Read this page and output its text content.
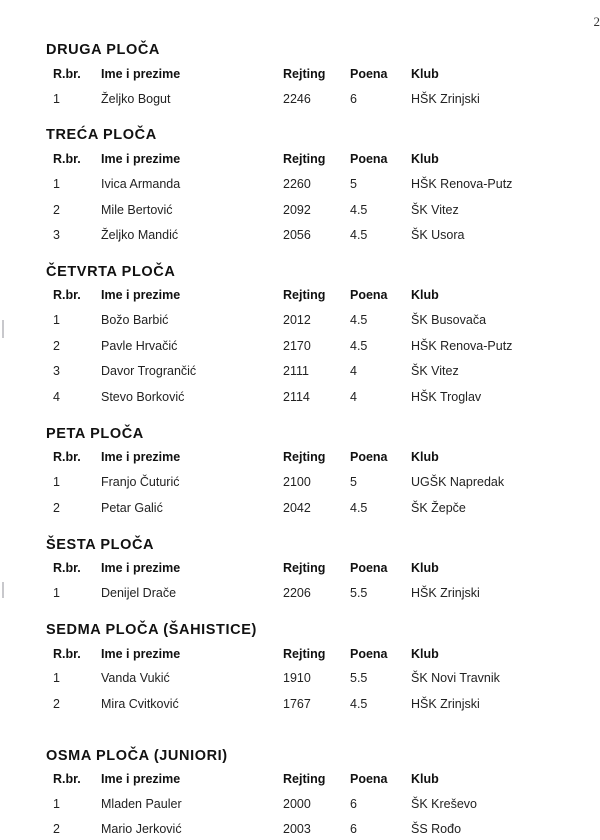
2
DRUGA PLOČA
R.br. Ime i prezime	Rejting Poena Klub
1	Željko Bogut	2246	6	HŠK Zrinjski
TREĆA PLOČA
R.br. Ime i prezime	Rejting Poena Klub
1	Ivica Armanda	2260	5	HŠK Renova-Putz
2	Mile Bertović	2092	4.5	ŠK Vitez
3	Željko Mandić	2056	4.5	ŠK Usora
ČETVRTA PLOČA
R.br. Ime i prezime	Rejting Poena Klub
1	Božo Barbić	2012	4.5	ŠK Busovača
2	Pavle Hrvačić	2170	4.5	HŠK Renova-Putz
3	Davor Trogrančić	2111	4	ŠK Vitez
4	Stevo Borković	2114	4	HŠK Troglav
PETA PLOČA
R.br. Ime i prezime	Rejting Poena Klub
1	Franjo Čuturić	2100	5	UGŠK Napredak
2	Petar Galić	2042	4.5	ŠK Žepče
ŠESTA PLOČA
R.br. Ime i prezime	Rejting Poena Klub
1	Denijel Drače	2206	5.5	HŠK Zrinjski
SEDMA PLOČA (ŠAHISTICE)
R.br. Ime i prezime	Rejting Poena Klub
1	Vanda Vukić	1910	5.5	ŠK Novi Travnik
2	Mira Cvitković	1767	4.5	HŠK Zrinjski
OSMA PLOČA (JUNIORI)
R.br. Ime i prezime	Rejting Poena Klub
1	Mladen Pauler	2000	6	ŠK Kreševo
2	Mario Jerković	2003	6	ŠS Rođo
